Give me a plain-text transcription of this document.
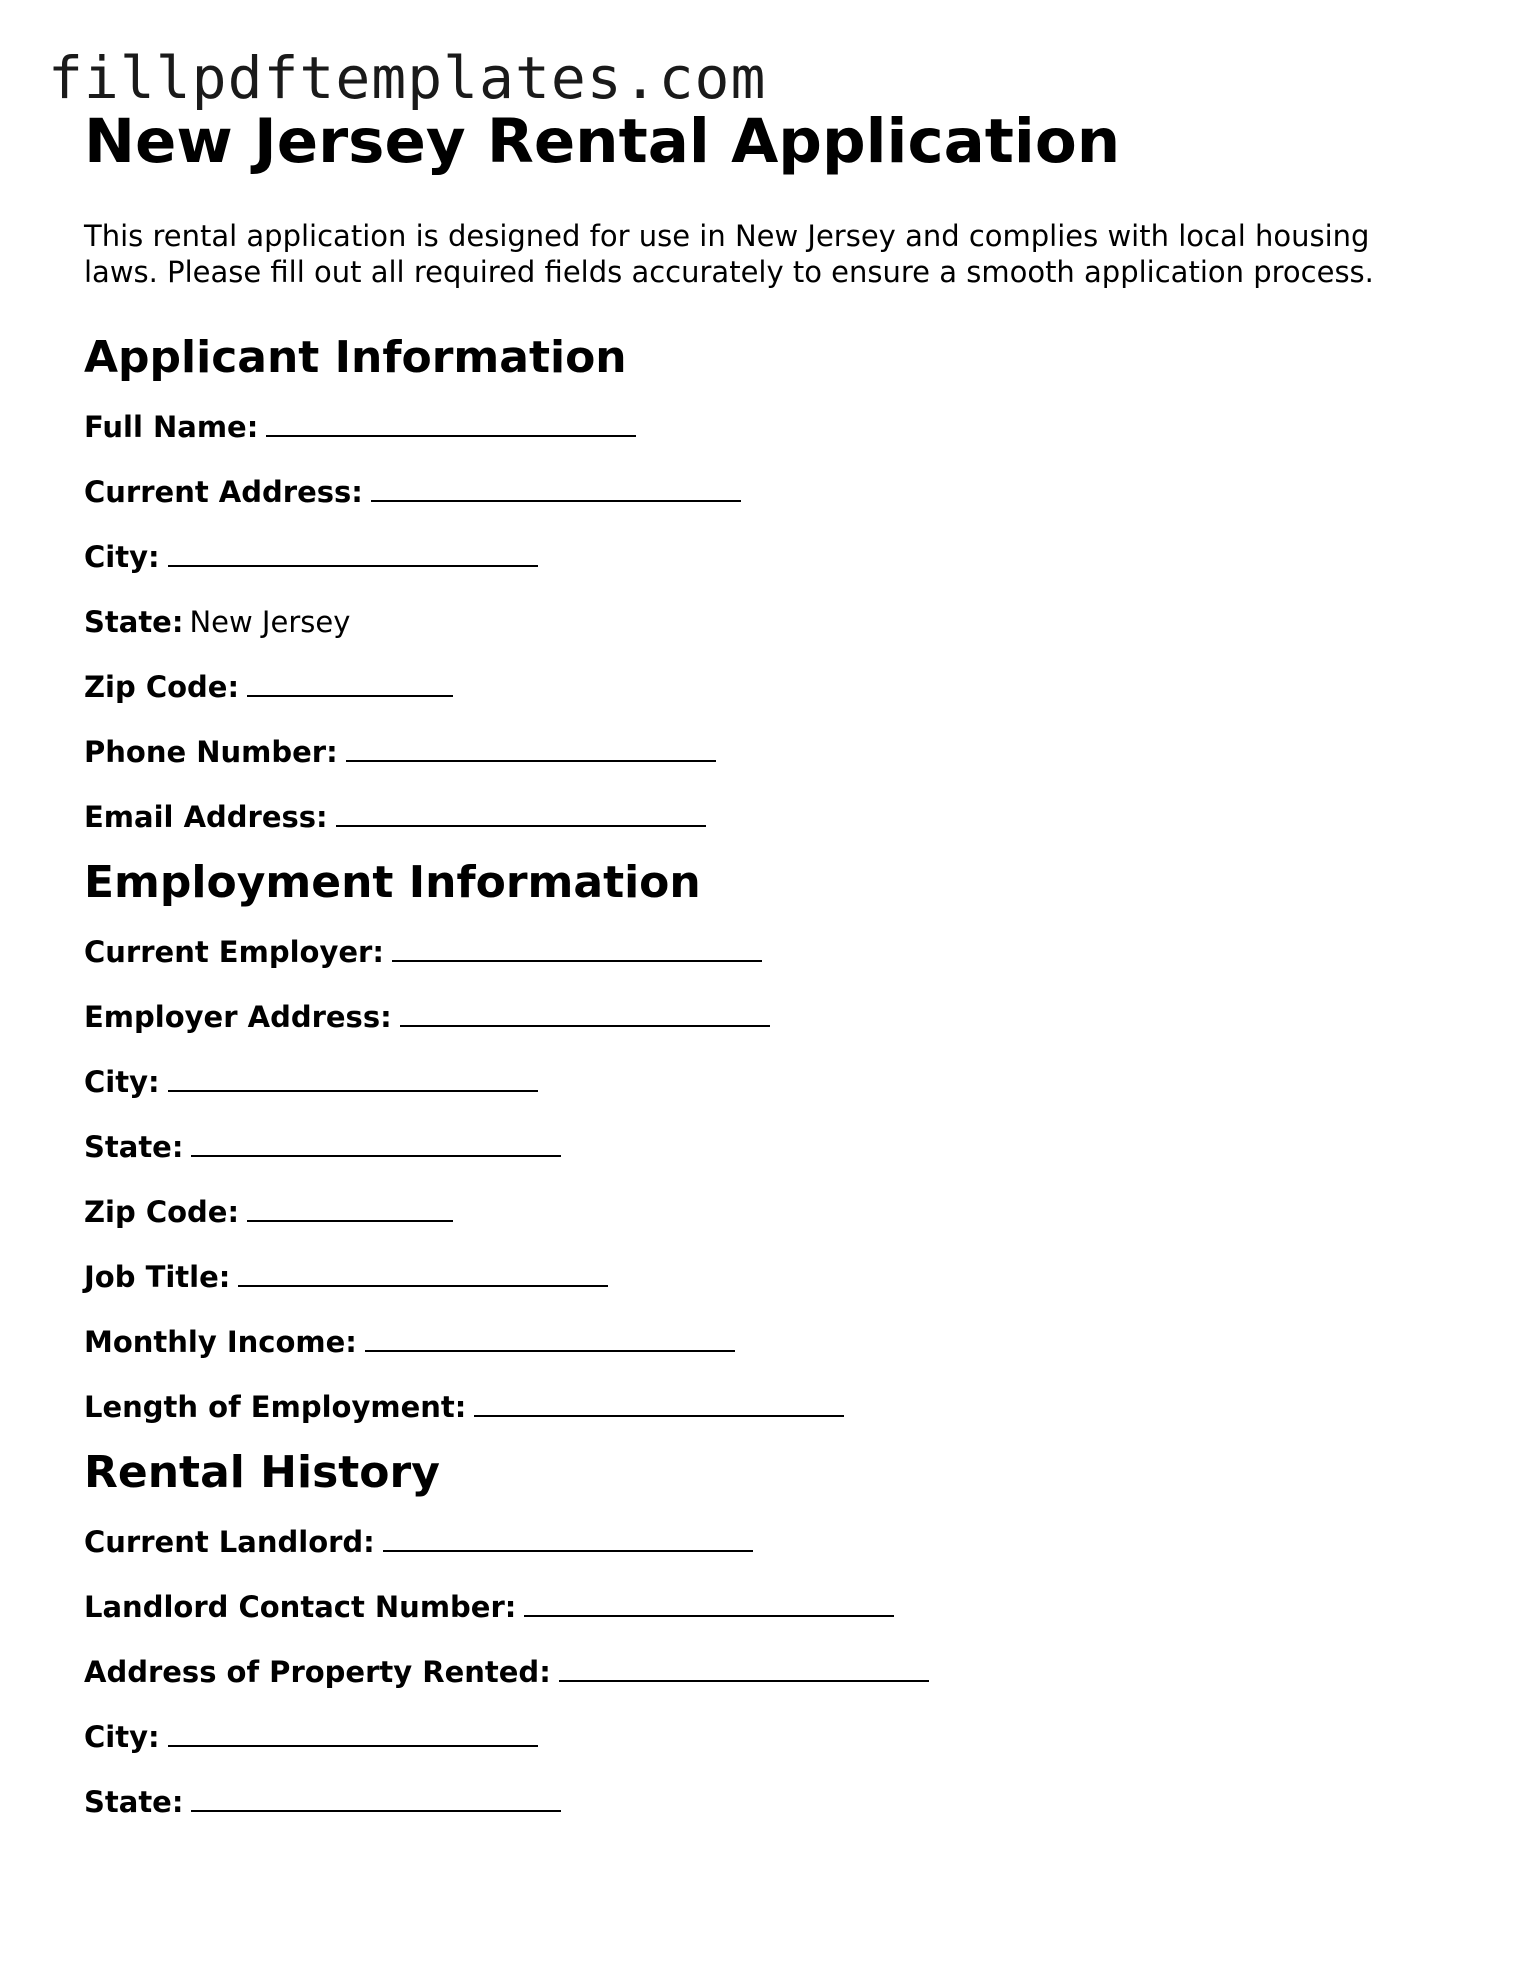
fillpdftemplates.com
New Jersey Rental Application

This rental application is designed for use in New Jersey and complies with local housing laws. Please fill out all required fields accurately to ensure a smooth application process.

Applicant Information
Full Name:
Current Address:
City:
State: New Jersey
Zip Code:
Phone Number:
Email Address:
Employment Information
Current Employer:
Employer Address:
City:
State:
Zip Code:
Job Title:
Monthly Income:
Length of Employment:
Rental History
Current Landlord:
Landlord Contact Number:
Address of Property Rented:
City:
State:
